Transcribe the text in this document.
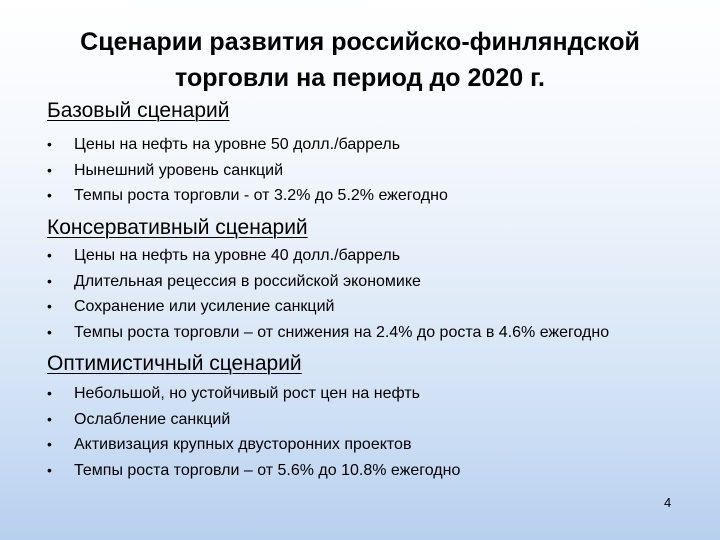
Сценарии развития российско-финляндской
торговли на период до 2020 г.
Базовый сценарий
• Цены на нефть на уровне 50 долл./баррель
• Нынешний уровень санкций
• Темпы роста торговли - от 3.2% до 5.2% ежегодно
Консервативный сценарий
• Цены на нефть на уровне 40 долл./баррель
• Длительная рецессия в российской экономике
• Сохранение или усиление санкций
• Темпы роста торговли – от снижения на 2.4% до роста в 4.6% ежегодно
Оптимистичный сценарий
• Небольшой, но устойчивый рост цен на нефть
• Ослабление санкций
• Активизация крупных двусторонних проектов
• Темпы роста торговли – от 5.6% до 10.8% ежегодно
4
